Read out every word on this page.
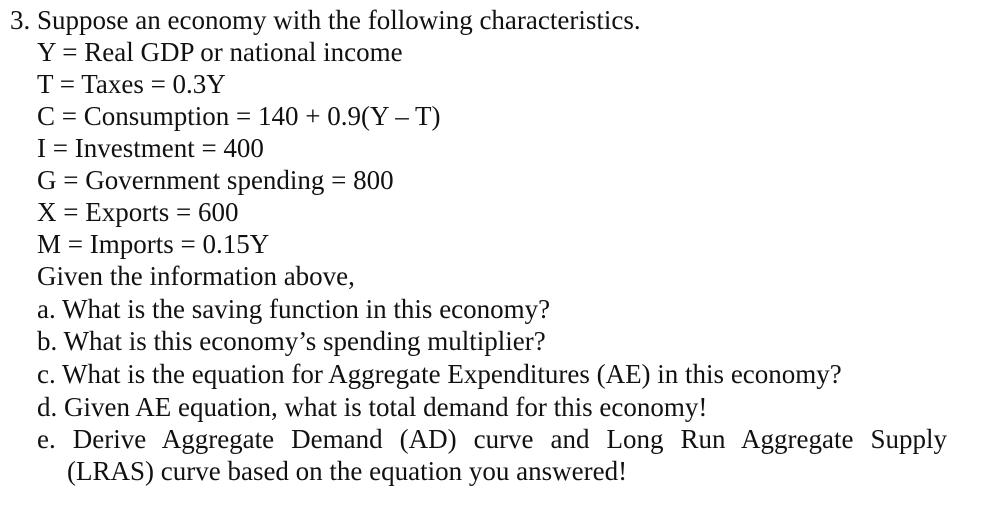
3. Suppose an economy with the following characteristics.
Y = Real GDP or national income
T = Taxes = 0.3Y
C = Consumption = 140 + 0.9(Y – T)
I = Investment = 400
G = Government spending = 800
X = Exports = 600
M = Imports = 0.15Y
Given the information above,
a. What is the saving function in this economy?
b. What is this economy’s spending multiplier?
c. What is the equation for Aggregate Expenditures (AE) in this economy?
d. Given AE equation, what is total demand for this economy!
e. Derive Aggregate Demand (AD) curve and Long Run Aggregate Supply
(LRAS) curve based on the equation you answered!
